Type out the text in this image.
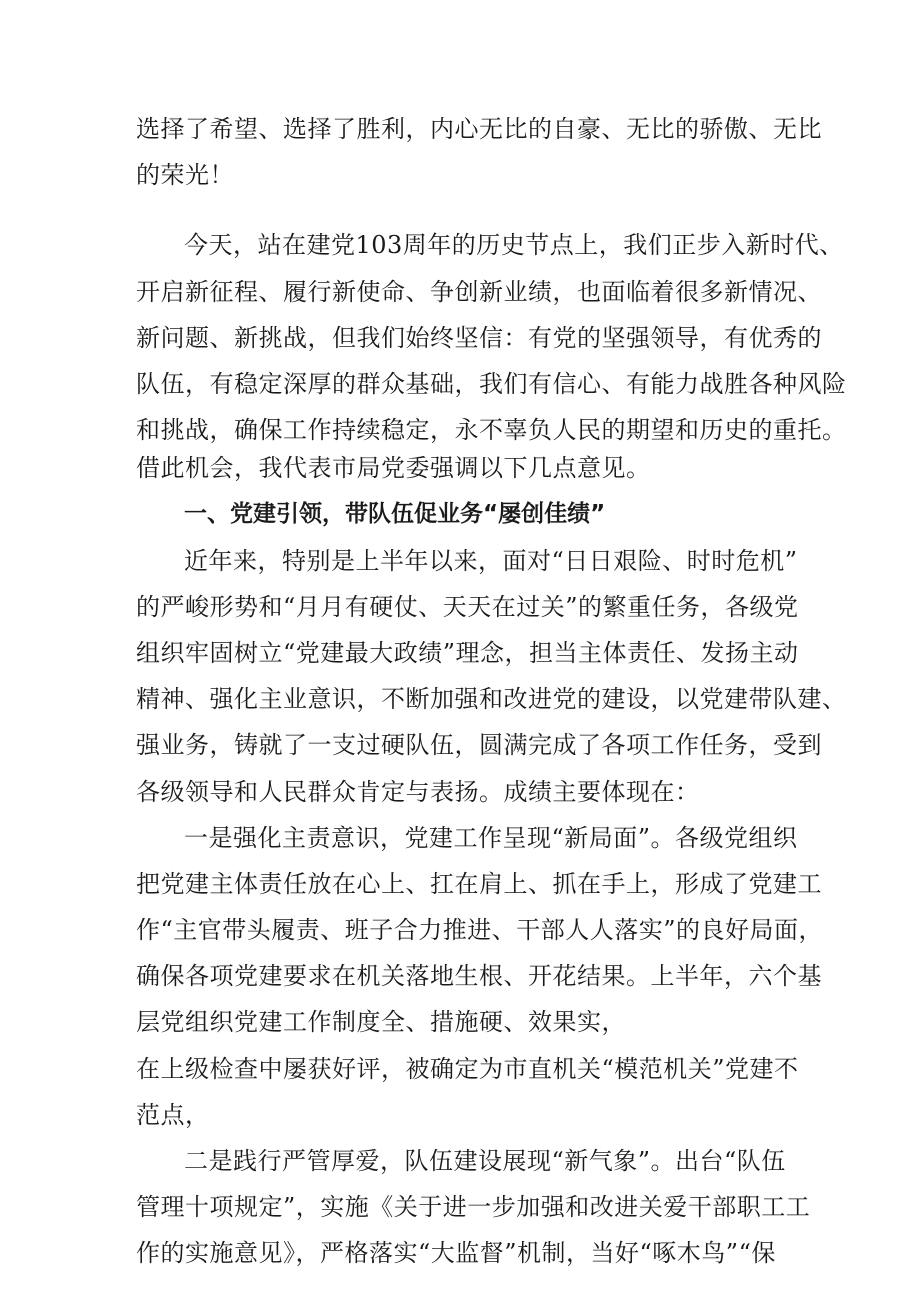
选择了希望、选择了胜利，内心无比的自豪、无比的骄傲、无比
的荣光！
今天，站在建党103周年的历史节点上，我们正步入新时代、
开启新征程、履行新使命、争创新业绩，也面临着很多新情况、
新问题、新挑战，但我们始终坚信：有党的坚强领导，有优秀的
队伍，有稳定深厚的群众基础，我们有信心、有能力战胜各种风险
和挑战，确保工作持续稳定，永不辜负人民的期望和历史的重托。
借此机会，我代表市局党委强调以下几点意见。
一、党建引领，带队伍促业务“屡创佳绩”
近年来，特别是上半年以来，面对“日日艰险、时时危机”
的严峻形势和“月月有硬仗、天天在过关”的繁重任务，各级党
组织牢固树立“党建最大政绩”理念，担当主体责任、发扬主动
精神、强化主业意识，不断加强和改进党的建设，以党建带队建、
强业务，铸就了一支过硬队伍，圆满完成了各项工作任务，受到
各级领导和人民群众肯定与表扬。成绩主要体现在：
一是强化主责意识，党建工作呈现“新局面”。各级党组织
把党建主体责任放在心上、扛在肩上、抓在手上，形成了党建工
作“主官带头履责、班子合力推进、干部人人落实”的良好局面，
确保各项党建要求在机关落地生根、开花结果。上半年，六个基
层党组织党建工作制度全、措施硬、效果实，
在上级检查中屡获好评，被确定为市直机关“模范机关”党建不
范点，
二是践行严管厚爱，队伍建设展现“新气象”。出台“队伍
管理十项规定”，实施《关于进一步加强和改进关爱干部职工工
作的实施意见》，严格落实“大监督”机制，当好“啄木鸟”“保
